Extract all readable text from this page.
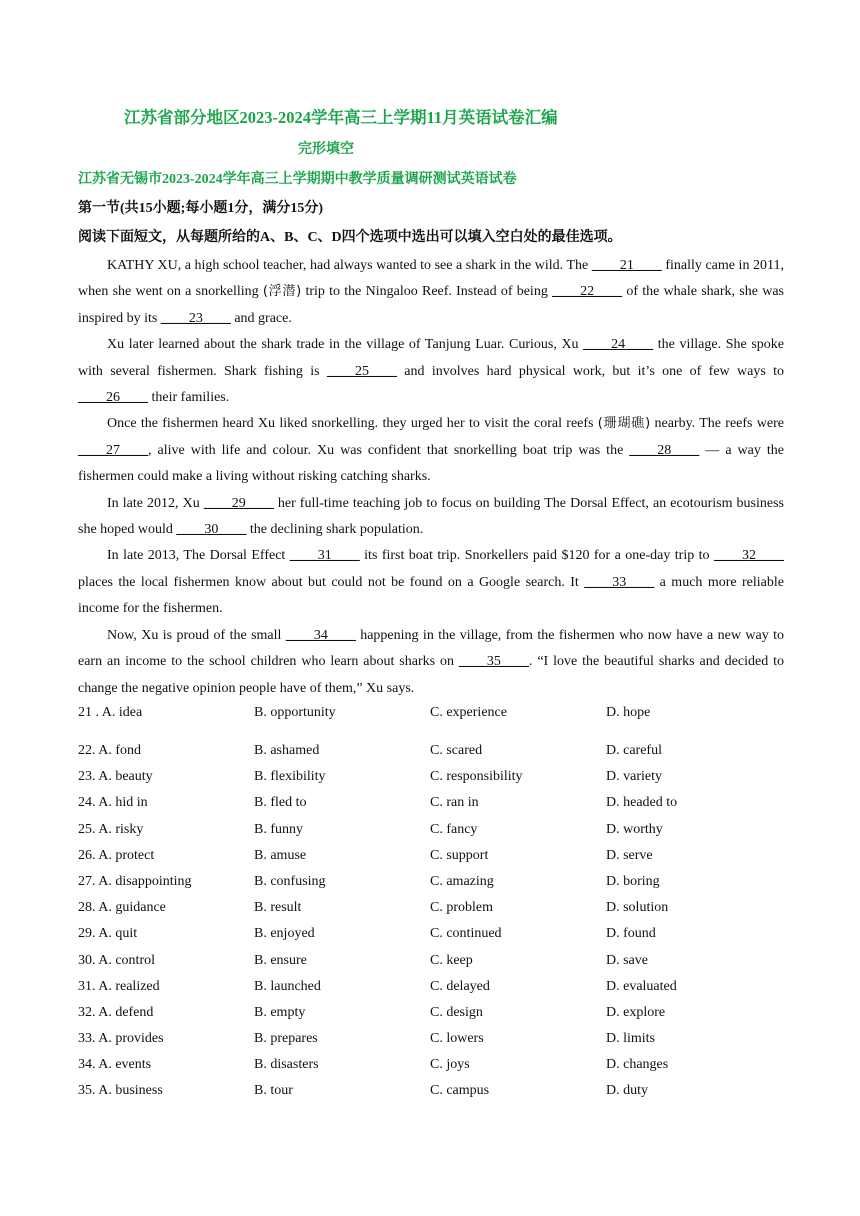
江苏省部分地区2023-2024学年高三上学期11月英语试卷汇编
完形填空
江苏省无锡市2023-2024学年高三上学期期中教学质量调研测试英语试卷
第一节(共15小题;每小题1分，满分15分)
阅读下面短文，从每题所给的A、B、C、D四个选项中选出可以填入空白处的最佳选项。

KATHY XU, a high school teacher, had always wanted to see a shark in the wild. The ____21____ finally came in 2011, when she went on a snorkelling (浮潜) trip to the Ningaloo Reef. Instead of being ____22____ of the whale shark, she was inspired by its ____23____ and grace.

Xu later learned about the shark trade in the village of Tanjung Luar. Curious, Xu ____24____ the village. She spoke with several fishermen. Shark fishing is ____25____ and involves hard physical work, but it’s one of few ways to ____26____ their families.

Once the fishermen heard Xu liked snorkelling. they urged her to visit the coral reefs (珊瑚礁) nearby. The reefs were ____27____, alive with life and colour. Xu was confident that snorkelling boat trip was the ____28____ — a way the fishermen could make a living without risking catching sharks.

In late 2012, Xu ____29____ her full-time teaching job to focus on building The Dorsal Effect, an ecotourism business she hoped would ____30____ the declining shark population.

In late 2013, The Dorsal Effect ____31____ its first boat trip. Snorkellers paid $120 for a one-day trip to ____32____ places the local fishermen know about but could not be found on a Google search. It ____33____ a much more reliable income for the fishermen.

Now, Xu is proud of the small ____34____ happening in the village, from the fishermen who now have a new way to earn an income to the school children who learn about sharks on ____35____. “I love the beautiful sharks and decided to change the negative opinion people have of them,” Xu says.

21 . A. idea	B. opportunity	C. experience	D. hope
22. A. fond	B. ashamed	C. scared	D. careful
23. A. beauty	B. flexibility	C. responsibility	D. variety
24. A. hid in	B. fled to	C. ran in	D. headed to
25. A. risky	B. funny	C. fancy	D. worthy
26. A. protect	B. amuse	C. support	D. serve
27. A. disappointing	B. confusing	C. amazing	D. boring
28. A. guidance	B. result	C. problem	D. solution
29. A. quit	B. enjoyed	C. continued	D. found
30. A. control	B. ensure	C. keep	D. save
31. A. realized	B. launched	C. delayed	D. evaluated
32. A. defend	B. empty	C. design	D. explore
33. A. provides	B. prepares	C. lowers	D. limits
34. A. events	B. disasters	C. joys	D. changes
35. A. business	B. tour	C. campus	D. duty
